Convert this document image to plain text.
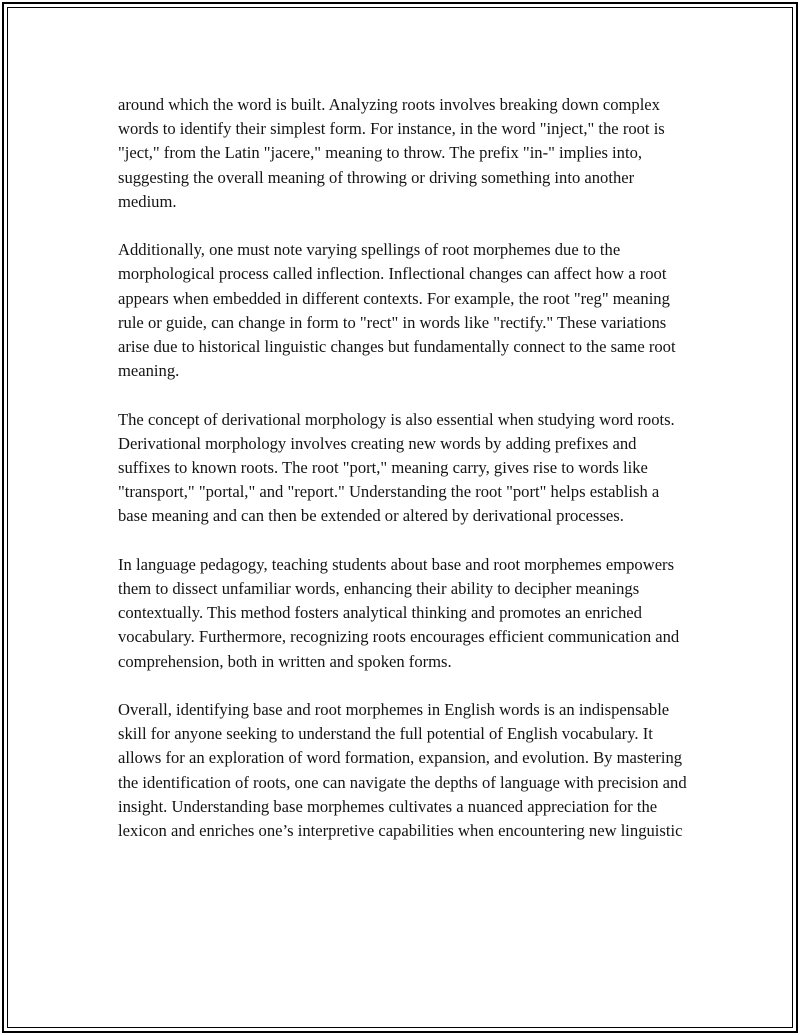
around which the word is built. Analyzing roots involves breaking down complex words to identify their simplest form. For instance, in the word "inject," the root is "ject," from the Latin "jacere," meaning to throw. The prefix "in-" implies into, suggesting the overall meaning of throwing or driving something into another medium.

Additionally, one must note varying spellings of root morphemes due to the morphological process called inflection. Inflectional changes can affect how a root appears when embedded in different contexts. For example, the root "reg" meaning rule or guide, can change in form to "rect" in words like "rectify." These variations arise due to historical linguistic changes but fundamentally connect to the same root meaning.

The concept of derivational morphology is also essential when studying word roots. Derivational morphology involves creating new words by adding prefixes and suffixes to known roots. The root "port," meaning carry, gives rise to words like "transport," "portal," and "report." Understanding the root "port" helps establish a base meaning and can then be extended or altered by derivational processes.

In language pedagogy, teaching students about base and root morphemes empowers them to dissect unfamiliar words, enhancing their ability to decipher meanings contextually. This method fosters analytical thinking and promotes an enriched vocabulary. Furthermore, recognizing roots encourages efficient communication and comprehension, both in written and spoken forms.

Overall, identifying base and root morphemes in English words is an indispensable skill for anyone seeking to understand the full potential of English vocabulary. It allows for an exploration of word formation, expansion, and evolution. By mastering the identification of roots, one can navigate the depths of language with precision and insight. Understanding base morphemes cultivates a nuanced appreciation for the lexicon and enriches one’s interpretive capabilities when encountering new linguistic
